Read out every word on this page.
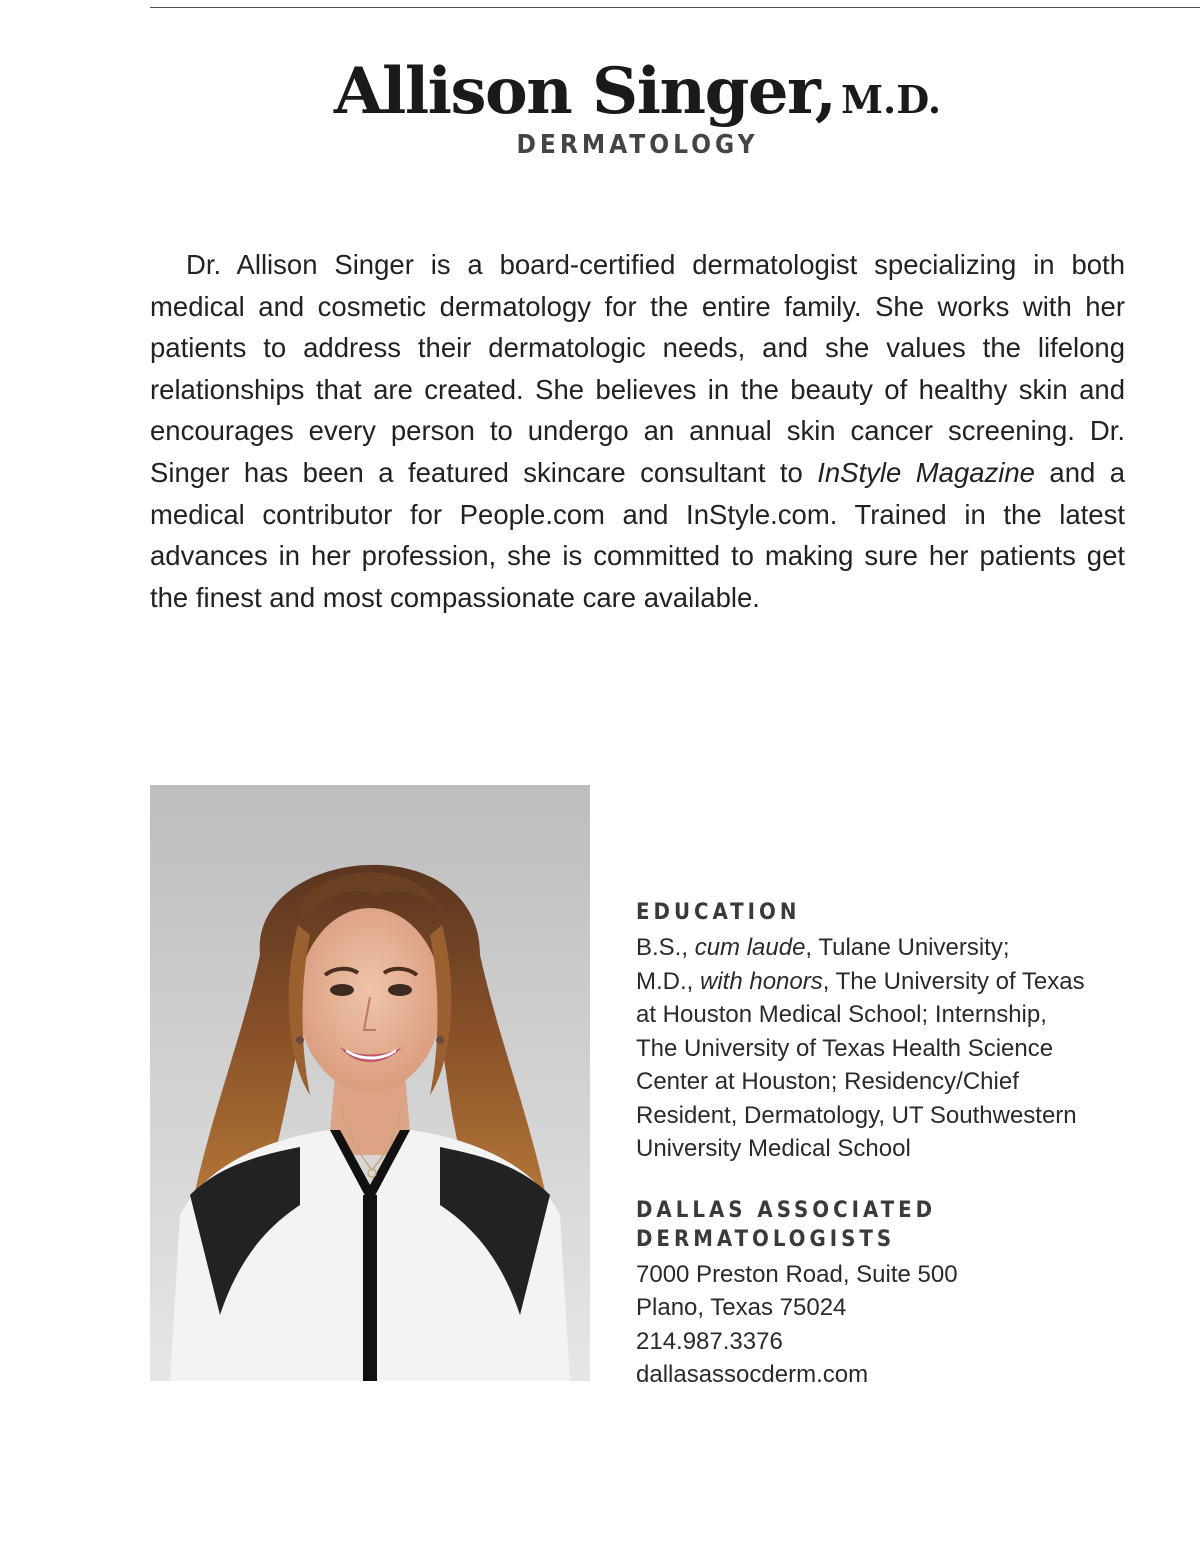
Allison Singer, M.D.
DERMATOLOGY

Dr. Allison Singer is a board-certified dermatologist specializing in both medical and cosmetic dermatology for the entire family. She works with her patients to address their dermatologic needs, and she values the lifelong relationships that are created. She believes in the beauty of healthy skin and encourages every person to undergo an annual skin cancer screening. Dr. Singer has been a featured skincare consultant to InStyle Magazine and a medical contributor for People.com and InStyle.com. Trained in the latest advances in her profession, she is committed to making sure her patients get the finest and most compassionate care available.

EDUCATION
B.S., cum laude, Tulane University;
M.D., with honors, The University of Texas
at Houston Medical School; Internship,
The University of Texas Health Science
Center at Houston; Residency/Chief
Resident, Dermatology, UT Southwestern
University Medical School
DALLAS ASSOCIATED
DERMATOLOGISTS
7000 Preston Road, Suite 500
Plano, Texas 75024
214.987.3376
dallasassocderm.com
